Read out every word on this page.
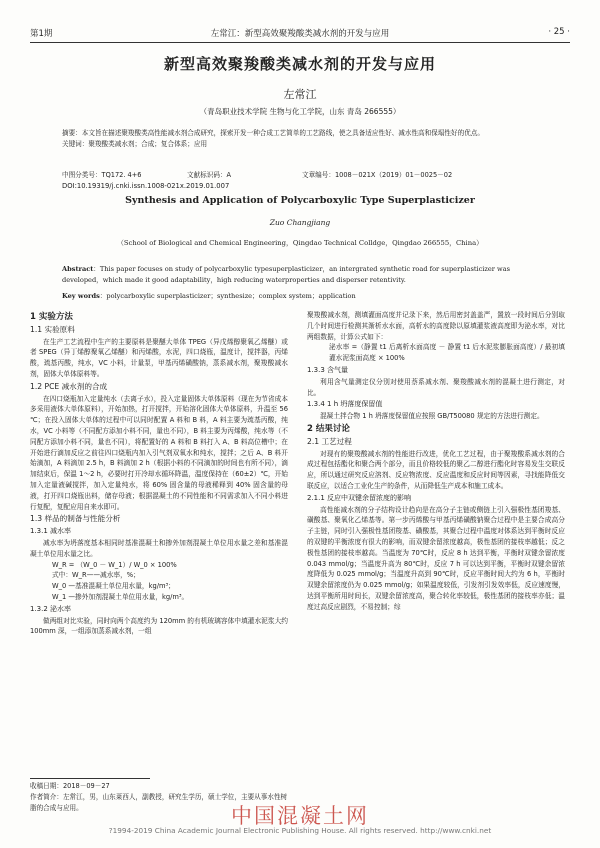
第1期	左常江：新型高效聚羧酸类减水剂的开发与应用	· 25 ·
新型高效聚羧酸类减水剂的开发与应用
左常江
（青岛职业技术学院 生物与化工学院，山东 青岛 266555）
摘要：本文旨在描述聚羧酸类高性能减水剂合成研究，探索开发一种合成工艺简单的工艺路线，使之具备适应性好、减水性高和保塌性好的优点。
关键词：聚羧酸类减水剂；合成；复合体系；应用
中图分类号：TQ172. 4+6	文献标识码：A	文章编号：1008－021X（2019）01－0025－02
DOI:10.19319/j.cnki.issn.1008-021x.2019.01.007
Synthesis and Application of Polycarboxylic Type Superplasticizer
Zuo Changjiang
（School of Biological and Chemical Engineering，Qingdao Technical Colldge，Qingdao 266555，China）
Abstract：This paper focuses on study of polycarboxylic typesuperplasticizer，an intergrated synthetic road for superplasticizer was developed，which made it good adaptability，high reducing waterproperties and disperser retentivity.
Key words：polycarboxylic superplasticizer；synthesize；complex system；application
1 实验方法
1.1 实验原料

在生产工艺流程中生产的主要原料是聚醚大单体 TPEG（异戊烯醇聚氧乙烯醚）或者 SPEG（异丁烯醇聚氧乙烯醚）和丙烯酸，水泥，四口烧瓶，温度计，搅拌器，丙烯酸，巯基丙酸，纯水，VC 小料，计量泵，甲基丙烯磺酸钠，蒸系减水剂，聚羧酸减水剂，固体大单体原料等。

1.2 PCE 减水剂的合成

在四口烧瓶加入定量纯水（去离子水），投入定量固体大单体原料（现在为节省成本多采用液体大单体原料），开始加热，打开搅拌，开始溶化固体大单体原料，升温至 56 ℃；在投入固体大单体的过程中可以同时配置 A 料和 B 料，A 料主要为巯基丙酸，纯水，VC 小料等（不同配方添加小料不同，量也不同），B 料主要为丙烯酸，纯水等（不同配方添加小料不同，量也不同），将配置好的 A 料和 B 料打入 A、B 料高位槽中；在开始进行滴加反应之前往四口烧瓶内加入引气剂双氧水和纯水，搅拌；之后 A、B 料开始滴加，A 料滴加 2.5 h，B 料滴加 2 h（根据小料的不同滴加的时间也有所不同），滴加结束后，保温 1～2 h，必要时打开冷却水循环降温，温度保持在（60±2）℃，开始加入定量液碱搅拌，加入定量纯水，将 60% 固含量的母液稀释到 40% 固含量的母液，打开四口烧瓶出料，储存母液；根据混凝土的不同性能和不同需求加入不同小料进行复配，复配应用自来水即可。

1.3 样品的制备与性能分析
1.3.1 减水率

减水率为坍落度基本相同时基准混凝土和掺外加剂混凝土单位用水量之差和基准混凝土单位用水量之比。

W_R = （W_0 － W_1）/ W_0 × 100%

式中：W_R——减水率，%；

W_0 —基准混凝土单位用水量，kg/m³；

W_1 —掺外加剂混凝土单位用水量，kg/m³。

1.3.2 泌水率

做两组对比实验，同时向两个高度约为 120mm 的有机玻璃容体中填灌水泥浆大约 100mm 深，一组添加蒸系减水剂，一组

聚羧酸减水剂，测填灌面高度并记录下来，然后用密封盖盖严，置放一段时间后分别取几个时间进行检测其渐析水水面，高析水的高度除以原填灌浆液高度即为泌水率，对比两组数据，计算公式如下：

泌水率 =（静置 t1 后离析水面高度 － 静置 t1 后水泥浆膨胀面高度）/ 最初填灌水泥浆面高度 × 100%

1.3.3 含气量

利用含气量测定仪分别对使用萘系减水剂、聚羧酸减水剂的混凝土进行测定，对比。

1.3.4 1 h 坍落度保留值

混凝土拌合物 1 h 坍落度保留值应按照 GB/T50080 规定的方法进行测定。

2 结果讨论
2.1 工艺过程

对现有的聚羧酸减水剂的性能进行改进，优化工艺过程，由于聚羧酸系减水剂的合成过程包括酯化和聚合两个部分，而且价格较低的聚乙二醇进行酯化时容易发生交联反应，所以通过研究反应溶剂、反应物浓度、反应温度和反应时间等因素，寻找能降低交联反应，以适合工业化生产的条件，从而降低生产成本和施工成本。

2.1.1 反应中双键余留浓度的影响

高性能减水剂的分子结构设计趋向是在高分子主链或侧链上引入强极性基团羧基、磺酸基、聚氧化乙烯基等。第一步丙烯酸与甲基丙烯磺酸钠聚合过程中是主要合成高分子主链，同时引入强极性基团羧基、磺酸基，其聚合过程中温度对体系达到平衡时反应的双键的平衡浓度有很大的影响，而双键余留浓度越高，极性基团的接枝率越低；反之极性基团的接枝率越高。当温度为 70℃时，反应 8 h 达到平衡，平衡时双键余留浓度 0.043 mmol/g；当温度升高为 80℃时，反应 7 h 可以达到平衡，平衡时双键余留浓度降低为 0.025 mmol/g；当温度升高到 90℃时，反应平衡时间大约为 6 h，平衡时双键余留浓度仍为 0.025 mmol/g；如果温度较低，引发剂引发效率低，反应速度慢，达到平衡所用时间长，双键余留浓度高，聚合转化率较低，极性基团的接枝率亦低；温度过高反应剧烈，不易控制；综

收稿日期：2018－09－27
作者简介：左常江，男，山东莱西人，副教授，研究生学历，硕士学位，主要从事水性树脂的合成与应用。	中国混凝土网
?1994-2019 China Academic Journal Electronic Publishing House. All rights reserved. http://www.cnki.net
